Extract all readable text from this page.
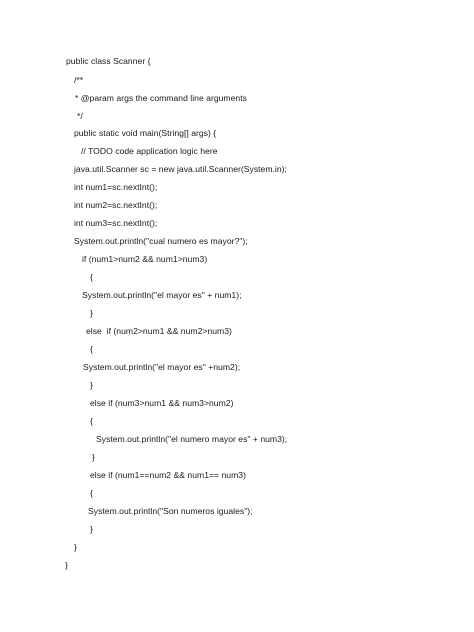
public class Scanner {
/**
* @param args the command line arguments
*/
public static void main(String[] args) {
// TODO code application logic here
java.util.Scanner sc = new java.util.Scanner(System.in);
int num1=sc.nextInt();
int num2=sc.nextInt();
int num3=sc.nextInt();
System.out.println("cual numero es mayor?");
if (num1>num2 && num1>num3)
{
System.out.println("el mayor es" + num1);
}
else  if (num2>num1 && num2>num3)
{
System.out.println("el mayor es" +num2);
}
else if (num3>num1 && num3>num2)
{
System.out.println("el numero mayor es" + num3);
}
else if (num1==num2 && num1== num3)
{
System.out.println("Son numeros iguales");
}
}
}
